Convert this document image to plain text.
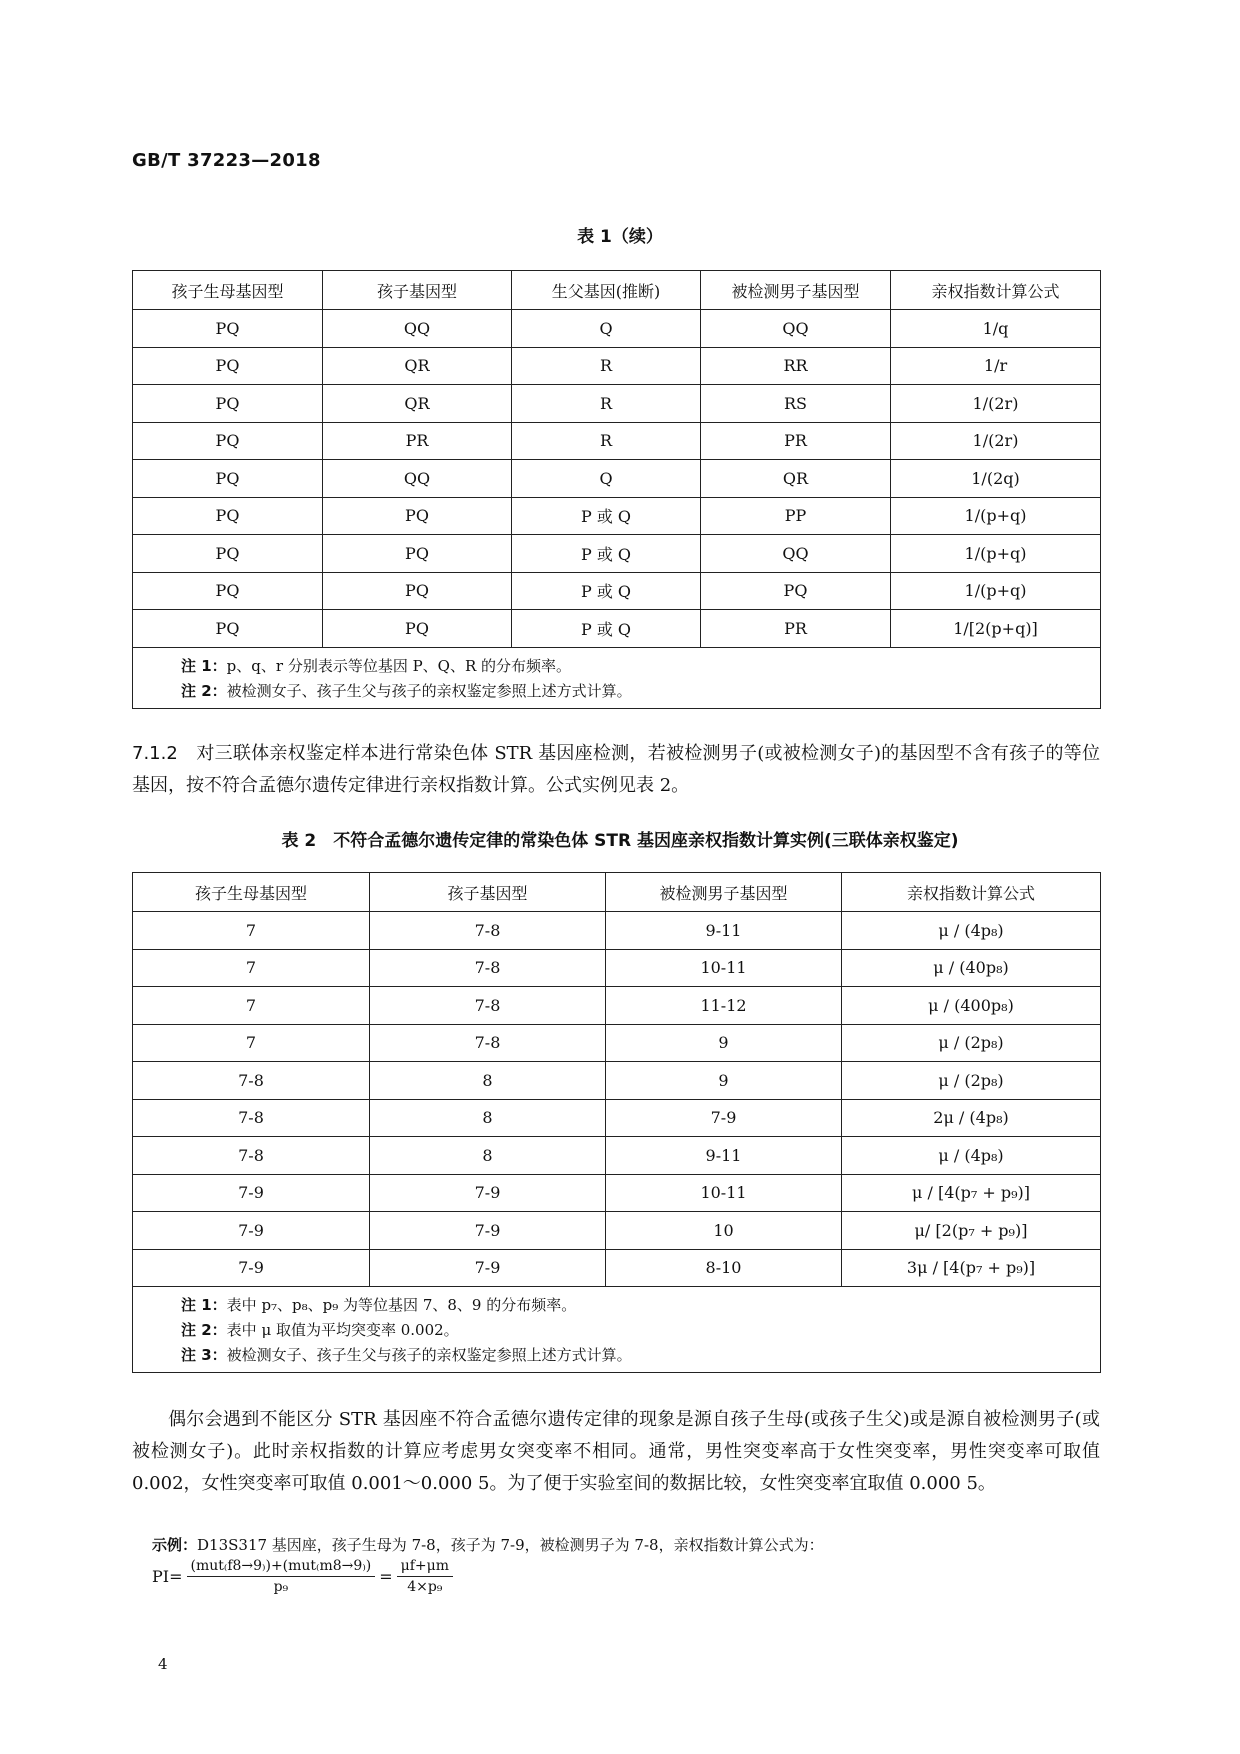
GB/T 37223—2018
表 1（续）
孩子生母基因型	孩子基因型	生父基因(推断)	被检测男子基因型	亲权指数计算公式
PQ	QQ	Q	QQ	1/q
PQ	QR	R	RR	1/r
PQ	QR	R	RS	1/(2r)
PQ	PR	R	PR	1/(2r)
PQ	QQ	Q	QR	1/(2q)
PQ	PQ	P 或 Q	PP	1/(p+q)
PQ	PQ	P 或 Q	QQ	1/(p+q)
PQ	PQ	P 或 Q	PQ	1/(p+q)
PQ	PQ	P 或 Q	PR	1/[2(p+q)]

注 1：p、q、r 分别表示等位基因 P、Q、R 的分布频率。
注 2：被检测女子、孩子生父与孩子的亲权鉴定参照上述方式计算。				
7.1.2　 对三联体亲权鉴定样本进行常染色体 STR 基因座检测，若被检测男子(或被检测女子)的基因型不含有孩子的等位基因，按不符合孟德尔遗传定律进行亲权指数计算。公式实例见表 2。
表 2　不符合孟德尔遗传定律的常染色体 STR 基因座亲权指数计算实例(三联体亲权鉴定)
孩子生母基因型	孩子基因型	被检测男子基因型	亲权指数计算公式
7	7-8	9-11	μ / (4p₈)
7	7-8	10-11	μ / (40p₈)
7	7-8	11-12	μ / (400p₈)
7	7-8	9	μ / (2p₈)
7-8	8	9	μ / (2p₈)
7-8	8	7-9	2μ / (4p₈)
7-8	8	9-11	μ / (4p₈)
7-9	7-9	10-11	μ / [4(p₇ + p₉)]
7-9	7-9	10	μ/ [2(p₇ + p₉)]
7-9	7-9	8-10	3μ / [4(p₇ + p₉)]

注 1：表中 p₇、p₈、p₉ 为等位基因 7、8、9 的分布频率。
注 2：表中 μ 取值为平均突变率 0.002。
注 3：被检测女子、孩子生父与孩子的亲权鉴定参照上述方式计算。			
偶尔会遇到不能区分 STR 基因座不符合孟德尔遗传定律的现象是源自孩子生母(或孩子生父)或是源自被检测男子(或被检测女子)。此时亲权指数的计算应考虑男女突变率不相同。通常，男性突变率高于女性突变率，男性突变率可取值 0.002，女性突变率可取值 0.001～0.000 5。为了便于实验室间的数据比较，女性突变率宜取值 0.000 5。
示例：D13S317 基因座，孩子生母为 7-8，孩子为 7-9，被检测男子为 7-8，亲权指数计算公式为：
$PI= \frac{\text{(mut₍f8→9₎)+(mut₍m8→9₎)}}{\text{p₉}} = \frac{\mu f+\mu m}{\text{4×p₉}}$
4
